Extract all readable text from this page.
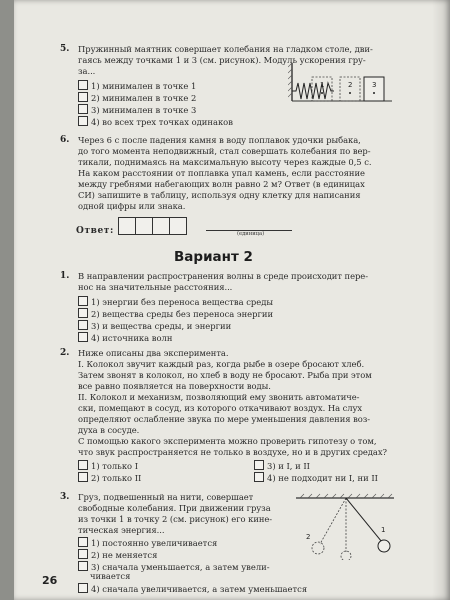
5. Пружинный маятник совершает колебания на гладком столе, дви-
гаясь между точками 1 и 3 (см. рисунок). Модуль ускорения гру-
за...
1) минимален в точке 1
2) минимален в точке 2
3) минимален в точке 3
4) во всех трех точках одинаков
1	2	3
6. Через 6 с после падения камня в воду поплавок удочки рыбака,
до того момента неподвижный, стал совершать колебания по вер-
тикали, поднимаясь на максимальную высоту через каждые 0,5 с.
На каком расстоянии от поплавка упал камень, если расстояние
между гребнями набегающих волн равно 2 м? Ответ (в единицах
СИ) запишите в таблицу, используя одну клетку для написания
одной цифры или знака.
Ответ:	(единица)
Вариант 2
1. В направлении распространения волны в среде происходит пере-
нос на значительные расстояния...
1) энергии без переноса вещества среды
2) вещества среды без переноса энергии
3) и вещества среды, и энергии
4) источника волн
2. Ниже описаны два эксперимента.
I. Колокол звучит каждый раз, когда рыбе в озере бросают хлеб.
Затем звонят в колокол, но хлеб в воду не бросают. Рыба при этом
все равно появляется на поверхности воды.
II. Колокол и механизм, позволяющий ему звонить автоматиче-
ски, помещают в сосуд, из которого откачивают воздух. На слух
определяют ослабление звука по мере уменьшения давления воз-
духа в сосуде.
С помощью какого эксперимента можно проверить гипотезу о том,
что звук распространяется не только в воздухе, но и в других средах?
1) только I
2) только II
3) и I, и II
4) не подходит ни I, ни II
3. Груз, подвешенный на нити, совершает
свободные колебания. При движении груза
из точки 1 в точку 2 (см. рисунок) его кине-
тическая энергия...
1) постоянно увеличивается
2) не меняется
3) сначала уменьшается, а затем увели-
чивается
4) сначала увеличивается, а затем уменьшается
2
1
26
